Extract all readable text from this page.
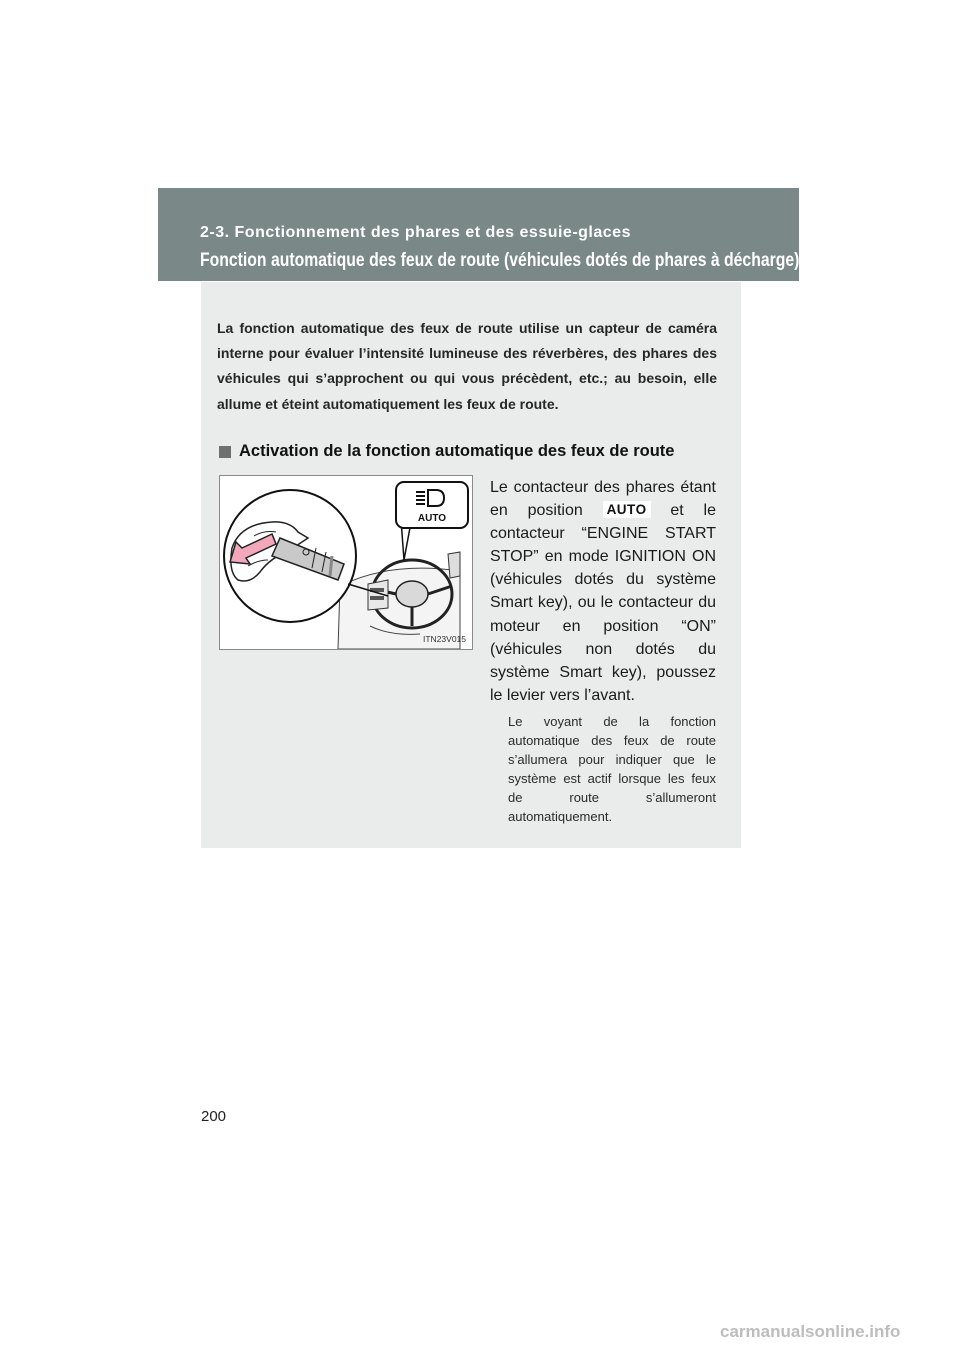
2-3. Fonctionnement des phares et des essuie-glaces
Fonction automatique des feux de route (véhicules dotés de phares à décharge)
La fonction automatique des feux de route utilise un capteur de caméra interne pour évaluer l’intensité lumineuse des réverbères, des phares des véhicules qui s’approchent ou qui vous précèdent, etc.; au besoin, elle allume et éteint automatiquement les feux de route.
Activation de la fonction automatique des feux de route
AUTO
ITN23V015
Le contacteur des phares étant en position AUTO et le contacteur “ENGINE START STOP” en mode IGNITION ON (véhicules dotés du système Smart key), ou le contacteur du moteur en position “ON” (véhicules non dotés du système Smart key), poussez le levier vers l’avant.
Le voyant de la fonction automatique des feux de route s’allumera pour indiquer que le système est actif lorsque les feux de route s’allumeront automatiquement.
200
carmanualsonline.info
